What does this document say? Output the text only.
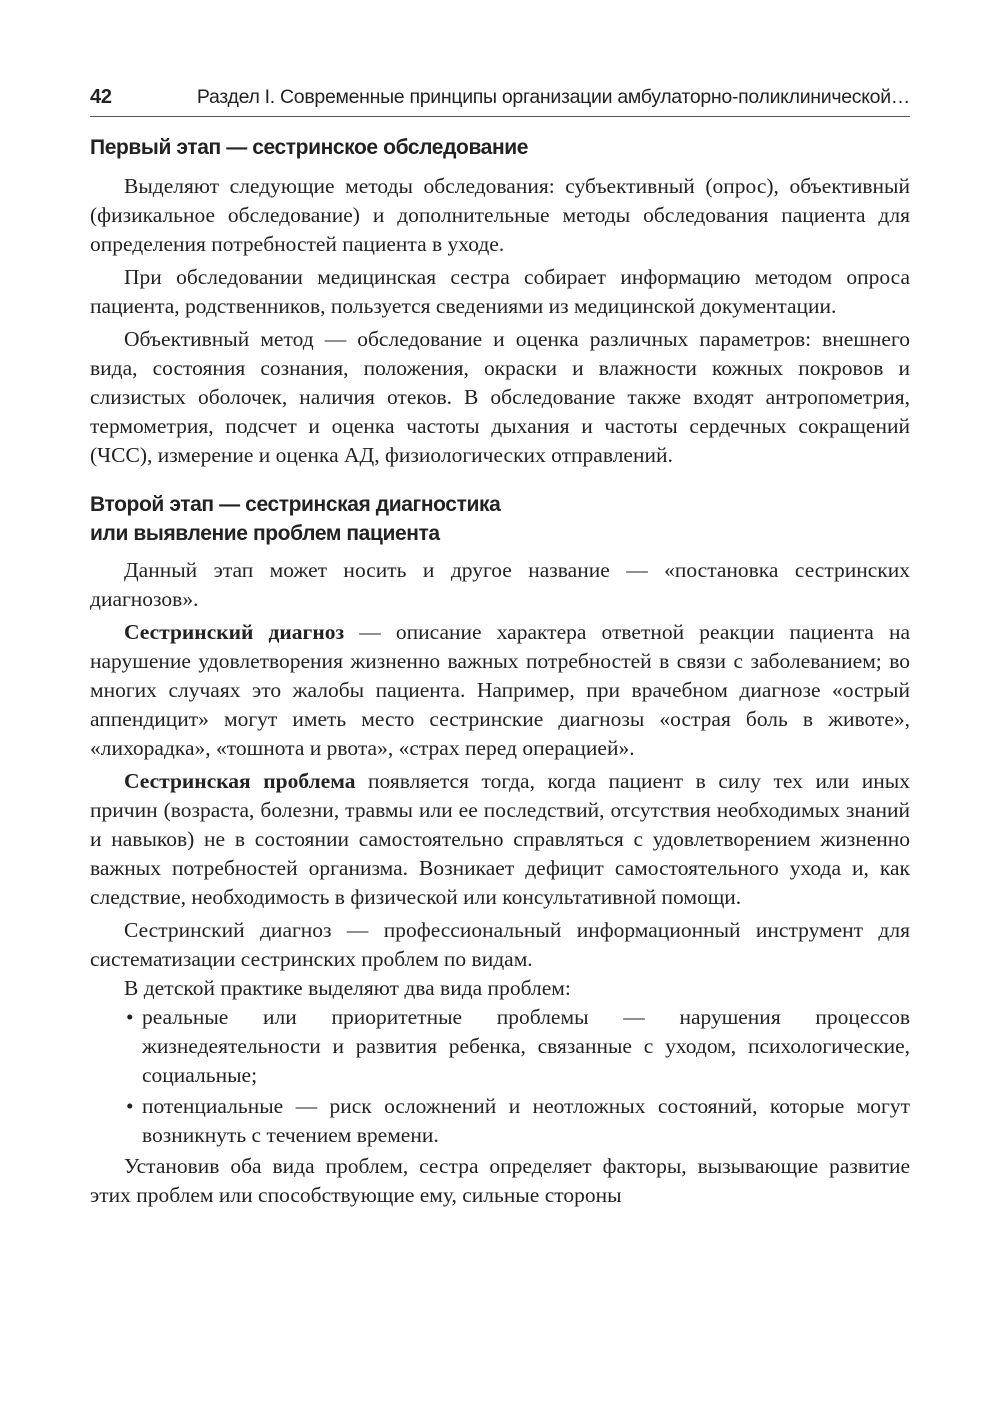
42	Раздел I. Современные принципы организации амбулаторно-поликлинической…
Первый этап — сестринское обследование

Выделяют следующие методы обследования: субъективный (опрос), объективный (физикальное обследование) и дополнительные методы обследования пациента для определения потребностей пациента в уходе.

При обследовании медицинская сестра собирает информацию методом опроса пациента, родственников, пользуется сведениями из медицинской документации.

Объективный метод — обследование и оценка различных параметров: внешнего вида, состояния сознания, положения, окраски и влажности кожных покровов и слизистых оболочек, наличия отеков. В обследование также входят антропометрия, термометрия, подсчет и оценка частоты дыхания и частоты сердечных сокращений (ЧСС), измерение и оценка АД, физиологических отправлений.

Второй этап — сестринская диагностика
или выявление проблем пациента

Данный этап может носить и другое название — «постановка сестринских диагнозов».

Сестринский диагноз — описание характера ответной реакции пациента на нарушение удовлетворения жизненно важных потребностей в связи с заболеванием; во многих случаях это жалобы пациента. Например, при врачебном диагнозе «острый аппендицит» могут иметь место сестринские диагнозы «острая боль в животе», «лихорадка», «тошнота и рвота», «страх перед операцией».

Сестринская проблема появляется тогда, когда пациент в силу тех или иных причин (возраста, болезни, травмы или ее последствий, отсутствия необходимых знаний и навыков) не в состоянии самостоятельно справляться с удовлетворением жизненно важных потребностей организма. Возникает дефицит самостоятельного ухода и, как следствие, необходимость в физической или консультативной помощи.

Сестринский диагноз — профессиональный информационный инструмент для систематизации сестринских проблем по видам.

В детской практике выделяют два вида проблем:

• реальные или приоритетные проблемы — нарушения процессов жизнедеятельности и развития ребенка, связанные с уходом, психологические, социальные;
• потенциальные — риск осложнений и неотложных состояний, которые могут возникнуть с течением времени.

Установив оба вида проблем, сестра определяет факторы, вызывающие развитие этих проблем или способствующие ему, сильные стороны
